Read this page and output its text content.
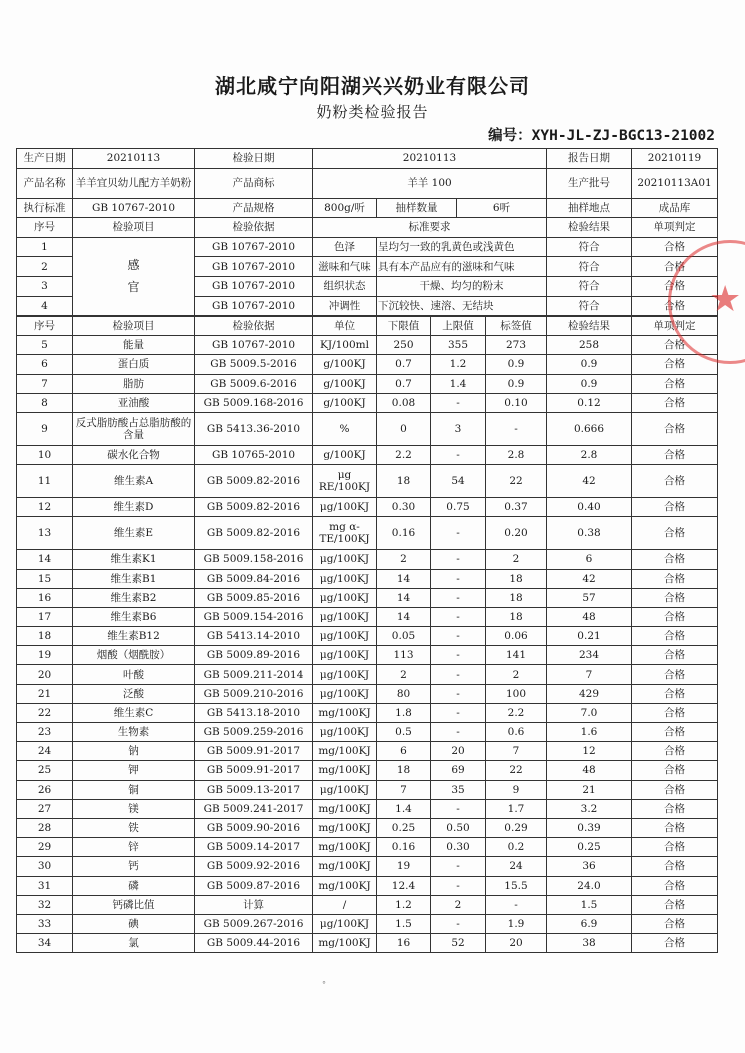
湖北咸宁向阳湖兴兴奶业有限公司
奶粉类检验报告
编号：XYH-JL-ZJ-BGC13-21002
生产日期	20210113	检验日期	20210113			报告日期	20210119
产品名称	羊羊宜贝幼儿配方羊奶粉	产品商标	羊羊 100			生产批号	20210113A01
执行标准	GB 10767-2010	产品规格	800g/听	抽样数量	6听	抽样地点	成品库
序号	检验项目	检验依据	标准要求			检验结果	单项判定
1	感官	GB 10767-2010	色泽	呈均匀一致的乳黄色或浅黄色		符合	合格
2		GB 10767-2010	滋味和气味	具有本产品应有的滋味和气味		符合	合格
3		GB 10767-2010	组织状态	干燥、均匀的粉末		符合	合格
4		GB 10767-2010	冲调性	下沉较快、速溶、无结块		符合	合格
序号	检验项目	检验依据	单位	下限值	上限值	标签值	检验结果	单项判定
5	能量	GB 10767-2010	KJ/100ml	250	355	273	258	合格
6	蛋白质	GB 5009.5-2016	g/100KJ	0.7	1.2	0.9	0.9	合格
7	脂肪	GB 5009.6-2016	g/100KJ	0.7	1.4	0.9	0.9	合格
8	亚油酸	GB 5009.168-2016	g/100KJ	0.08	-	0.10	0.12	合格
9	反式脂肪酸占总脂肪酸的含量	GB 5413.36-2010	%	0	3	-	0.666	合格
10	碳水化合物	GB 10765-2010	g/100KJ	2.2	-	2.8	2.8	合格
11	维生素A	GB 5009.82-2016	μg RE/100KJ	18	54	22	42	合格
12	维生素D	GB 5009.82-2016	μg/100KJ	0.30	0.75	0.37	0.40	合格
13	维生素E	GB 5009.82-2016	mg α-TE/100KJ	0.16	-	0.20	0.38	合格
14	维生素K1	GB 5009.158-2016	μg/100KJ	2	-	2	6	合格
15	维生素B1	GB 5009.84-2016	μg/100KJ	14	-	18	42	合格
16	维生素B2	GB 5009.85-2016	μg/100KJ	14	-	18	57	合格
17	维生素B6	GB 5009.154-2016	μg/100KJ	14	-	18	48	合格
18	维生素B12	GB 5413.14-2010	μg/100KJ	0.05	-	0.06	0.21	合格
19	烟酸（烟酰胺）	GB 5009.89-2016	μg/100KJ	113	-	141	234	合格
20	叶酸	GB 5009.211-2014	μg/100KJ	2	-	2	7	合格
21	泛酸	GB 5009.210-2016	μg/100KJ	80	-	100	429	合格
22	维生素C	GB 5413.18-2010	mg/100KJ	1.8	-	2.2	7.0	合格
23	生物素	GB 5009.259-2016	μg/100KJ	0.5	-	0.6	1.6	合格
24	钠	GB 5009.91-2017	mg/100KJ	6	20	7	12	合格
25	钾	GB 5009.91-2017	mg/100KJ	18	69	22	48	合格
26	铜	GB 5009.13-2017	μg/100KJ	7	35	9	21	合格
27	镁	GB 5009.241-2017	mg/100KJ	1.4	-	1.7	3.2	合格
28	铁	GB 5009.90-2016	mg/100KJ	0.25	0.50	0.29	0.39	合格
29	锌	GB 5009.14-2017	mg/100KJ	0.16	0.30	0.2	0.25	合格
30	钙	GB 5009.92-2016	mg/100KJ	19	-	24	36	合格
31	磷	GB 5009.87-2016	mg/100KJ	12.4	-	15.5	24.0	合格
32	钙磷比值	计算	/	1.2	2	-	1.5	合格
33	碘	GB 5009.267-2016	μg/100KJ	1.5	-	1.9	6.9	合格
34	氯	GB 5009.44-2016	mg/100KJ	16	52	20	38	合格
★
°
